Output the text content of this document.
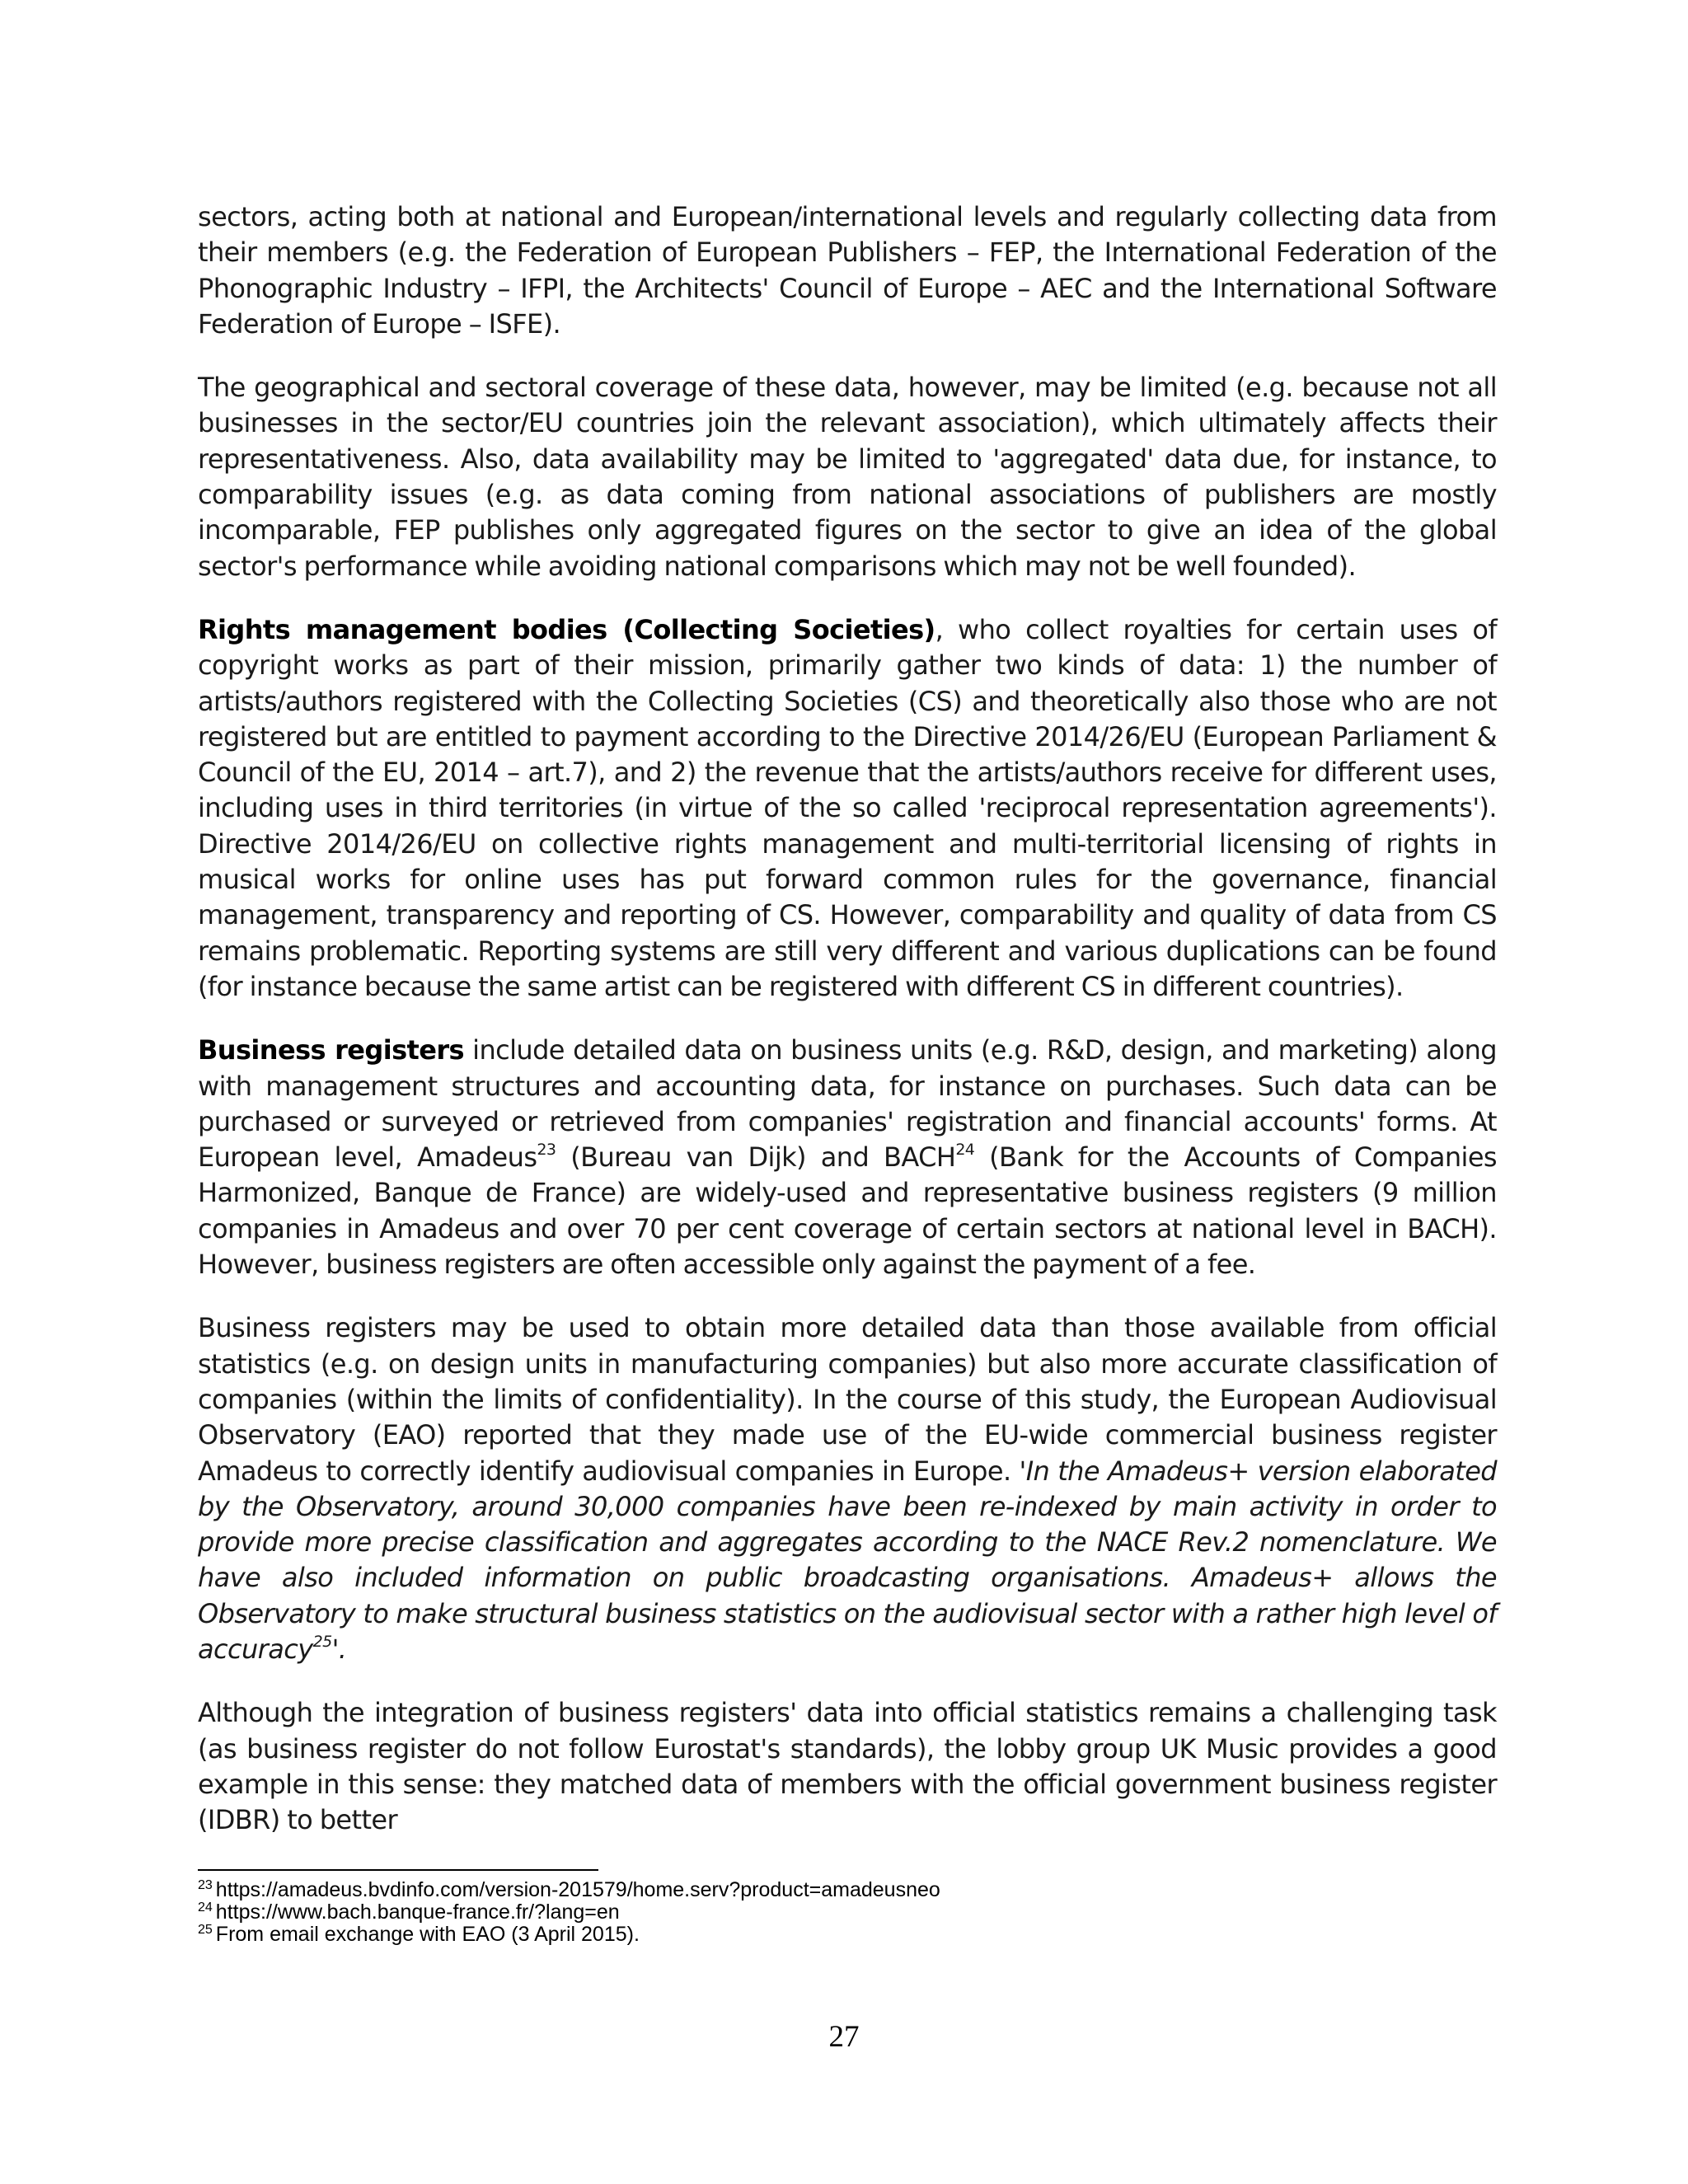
sectors, acting both at national and European/international levels and regularly collecting data from their members (e.g. the Federation of European Publishers – FEP, the International Federation of the Phonographic Industry – IFPI, the Architects' Council of Europe – AEC and the International Software Federation of Europe – ISFE).

The geographical and sectoral coverage of these data, however, may be limited (e.g. because not all businesses in the sector/EU countries join the relevant association), which ultimately affects their representativeness. Also, data availability may be limited to 'aggregated' data due, for instance, to comparability issues (e.g. as data coming from national associations of publishers are mostly incomparable, FEP publishes only aggregated figures on the sector to give an idea of the global sector's performance while avoiding national comparisons which may not be well founded).

Rights management bodies (Collecting Societies), who collect royalties for certain uses of copyright works as part of their mission, primarily gather two kinds of data: 1) the number of artists/authors registered with the Collecting Societies (CS) and theoretically also those who are not registered but are entitled to payment according to the Directive 2014/26/EU (European Parliament & Council of the EU, 2014 – art.7), and 2) the revenue that the artists/authors receive for different uses, including uses in third territories (in virtue of the so called 'reciprocal representation agreements'). Directive 2014/26/EU on collective rights management and multi-territorial licensing of rights in musical works for online uses has put forward common rules for the governance, financial management, transparency and reporting of CS. However, comparability and quality of data from CS remains problematic. Reporting systems are still very different and various duplications can be found (for instance because the same artist can be registered with different CS in different countries).

Business registers include detailed data on business units (e.g. R&D, design, and marketing) along with management structures and accounting data, for instance on purchases. Such data can be purchased or surveyed or retrieved from companies' registration and financial accounts' forms. At European level, Amadeus$^{23}$ (Bureau van Dijk) and BACH$^{24}$ (Bank for the Accounts of Companies Harmonized, Banque de France) are widely-used and representative business registers (9 million companies in Amadeus and over 70 per cent coverage of certain sectors at national level in BACH). However, business registers are often accessible only against the payment of a fee.

Business registers may be used to obtain more detailed data than those available from official statistics (e.g. on design units in manufacturing companies) but also more accurate classification of companies (within the limits of confidentiality). In the course of this study, the European Audiovisual Observatory (EAO) reported that they made use of the EU-wide commercial business register Amadeus to correctly identify audiovisual companies in Europe. 'In the Amadeus+ version elaborated by the Observatory, around 30,000 companies have been re-indexed by main activity in order to provide more precise classification and aggregates according to the NACE Rev.2 nomenclature. We have also included information on public broadcasting organisations. Amadeus+ allows the Observatory to make structural business statistics on the audiovisual sector with a rather high level of accuracy$^{25}$'.

Although the integration of business registers' data into official statistics remains a challenging task (as business register do not follow Eurostat's standards), the lobby group UK Music provides a good example in this sense: they matched data of members with the official government business register (IDBR) to better

$^{23}$ https://amadeus.bvdinfo.com/version-201579/home.serv?product=amadeusneo
$^{24}$ https://www.bach.banque-france.fr/?lang=en
$^{25}$ From email exchange with EAO (3 April 2015).
27
